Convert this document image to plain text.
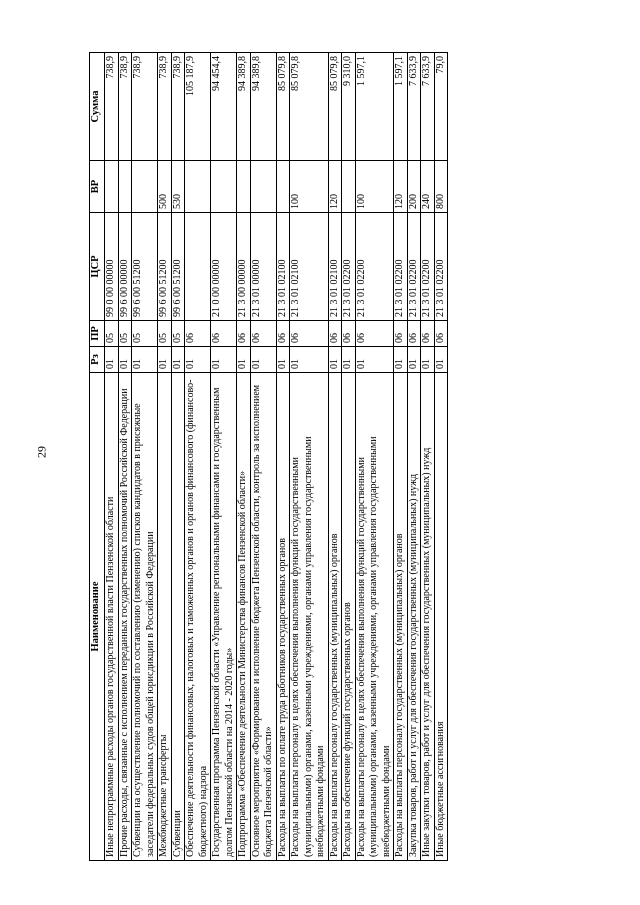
29
Наименование	Рз	ПР	ЦСР	ВР	Сумма
Иные непрограммные расходы органов государственной власти Пензенской области	01	05	99 0 00 00000		738,9
Прочие расходы, связанные с исполнением переданных государственных полномочий Российской Федерации	01	05	99 6 00 00000		738,9
Субвенции на осуществление полномочий по составлению (изменению) списков кандидатов в присяжные заседатели федеральных судов общей юрисдикции в Российской Федерации	01	05	99 6 00 51200		738,9
Межбюджетные трансферты	01	05	99 6 00 51200	500	738,9
Субвенции	01	05	99 6 00 51200	530	738,9
Обеспечение деятельности финансовых, налоговых и таможенных органов и органов финансового (финансово-бюджетного) надзора	01	06			105 187,9
Государственная программа Пензенской области «Управление региональными финансами и государственным долгом Пензенской области на 2014 - 2020 годы»	01	06	21 0 00 00000		94 454,4
Подпрограмма «Обеспечение деятельности Министерства финансов Пензенской области»	01	06	21 3 00 00000		94 389,8
Основное мероприятие «Формирование и исполнение бюджета Пензенской области, контроль за исполнением бюджета Пензенской области»	01	06	21 3 01 00000		94 389,8
Расходы на выплаты по оплате труда работников государственных органов	01	06	21 3 01 02100		85 079,8
Расходы на выплаты персоналу в целях обеспечения выполнения функций государственными (муниципальными) органами, казенными учреждениями, органами управления государственными внебюджетными фондами	01	06	21 3 01 02100	100	85 079,8
Расходы на выплаты персоналу государственных (муниципальных) органов	01	06	21 3 01 02100	120	85 079,8
Расходы на обеспечение функций государственных органов	01	06	21 3 01 02200		9 310,0
Расходы на выплаты персоналу в целях обеспечения выполнения функций государственными (муниципальными) органами, казенными учреждениями, органами управления государственными внебюджетными фондами	01	06	21 3 01 02200	100	1 597,1
Расходы на выплаты персоналу государственных (муниципальных) органов	01	06	21 3 01 02200	120	1 597,1
Закупка товаров, работ и услуг для обеспечения государственных (муниципальных) нужд	01	06	21 3 01 02200	200	7 633,9
Иные закупки товаров, работ и услуг для обеспечения государственных (муниципальных) нужд	01	06	21 3 01 02200	240	7 633,9
Иные бюджетные ассигнования	01	06	21 3 01 02200	800	79,0
